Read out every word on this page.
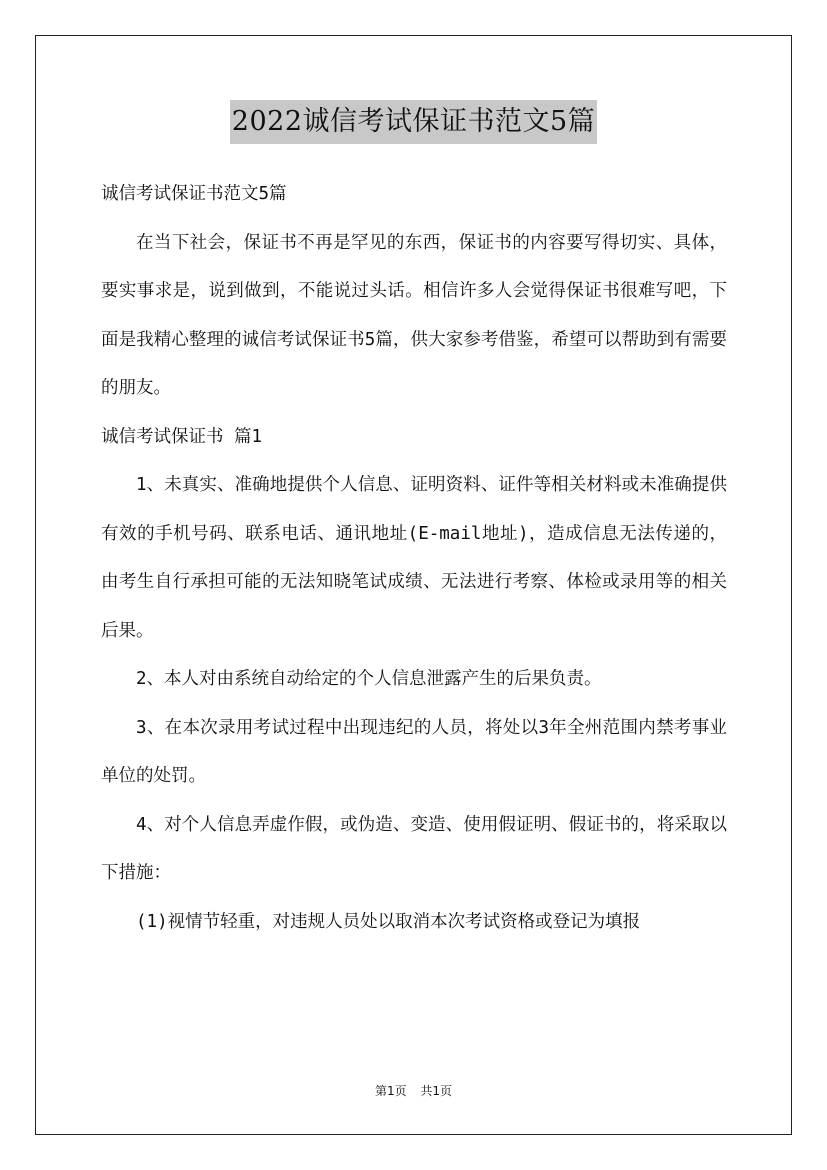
2022诚信考试保证书范文5篇

诚信考试保证书范文5篇

在当下社会，保证书不再是罕见的东西，保证书的内容要写得切实、具体，要实事求是，说到做到，不能说过头话。相信许多人会觉得保证书很难写吧，下面是我精心整理的诚信考试保证书5篇，供大家参考借鉴，希望可以帮助到有需要的朋友。

诚信考试保证书 篇1

1、未真实、准确地提供个人信息、证明资料、证件等相关材料或未准确提供有效的手机号码、联系电话、通讯地址(E-mail地址)，造成信息无法传递的，由考生自行承担可能的无法知晓笔试成绩、无法进行考察、体检或录用等的相关后果。

2、本人对由系统自动给定的个人信息泄露产生的后果负责。

3、在本次录用考试过程中出现违纪的人员，将处以3年全州范围内禁考事业单位的处罚。

4、对个人信息弄虚作假，或伪造、变造、使用假证明、假证书的，将采取以下措施：

(1)视情节轻重，对违规人员处以取消本次考试资格或登记为填报

第1页 共1页
